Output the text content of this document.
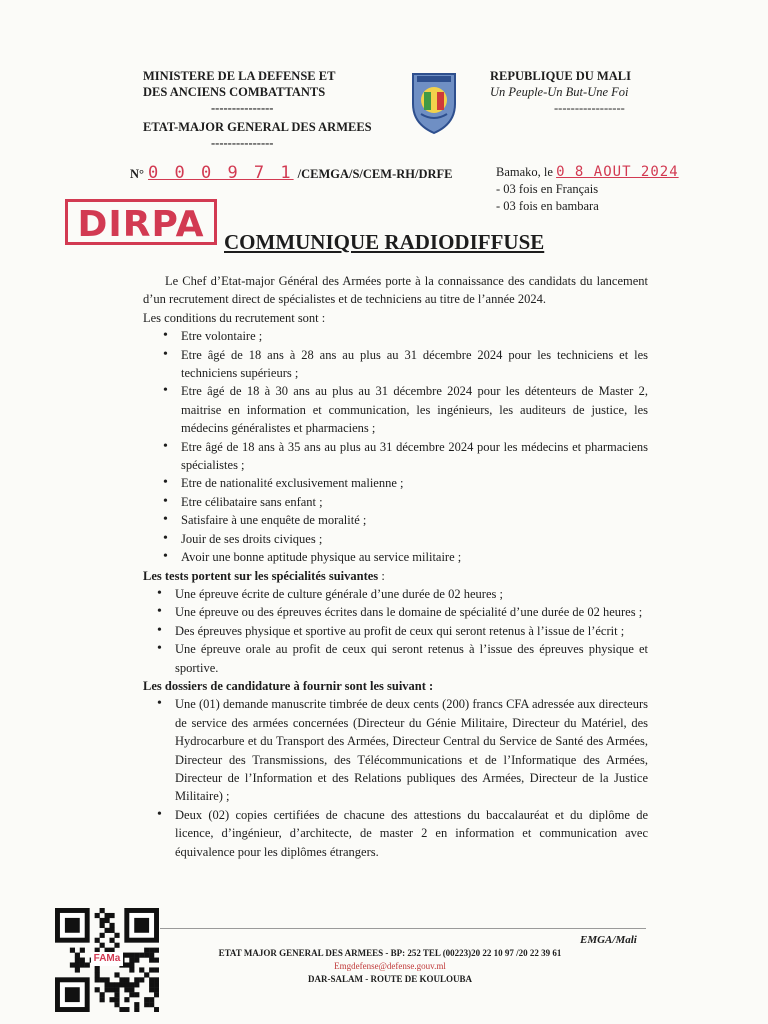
MINISTERE DE LA DEFENSE ET
DES ANCIENS COMBATTANTS
---------------
ETAT-MAJOR GENERAL DES ARMEES
---------------
REPUBLIQUE DU MALI
Un Peuple-Un But-Une Foi
-----------------
N° 0 0 0 9 7 1 /CEMGA/S/CEM-RH/DRFE	Bamako, le 0 8 AOUT 2024
- 03 fois en Français
- 03 fois en bambara
DIRPA COMMUNIQUE RADIODIFFUSE
Le Chef d’Etat-major Général des Armées porte à la connaissance des candidats du lancement d’un recrutement direct de spécialistes et de techniciens au titre de l’année 2024.
Les conditions du recrutement sont :
• Etre volontaire ;
• Etre âgé de 18 ans à 28 ans au plus au 31 décembre 2024 pour les techniciens et les techniciens supérieurs ;
• Etre âgé de 18 à 30 ans au plus au 31 décembre 2024 pour les détenteurs de Master 2, maitrise en information et communication, les ingénieurs, les auditeurs de justice, les médecins généralistes et pharmaciens ;
• Etre âgé de 18 ans à 35 ans au plus au 31 décembre 2024 pour les médecins et pharmaciens spécialistes ;
• Etre de nationalité exclusivement malienne ;
• Etre célibataire sans enfant ;
• Satisfaire à une enquête de moralité ;
• Jouir de ses droits civiques ;
• Avoir une bonne aptitude physique au service militaire ;
Les tests portent sur les spécialités suivantes :
• Une épreuve écrite de culture générale d’une durée de 02 heures ;
• Une épreuve ou des épreuves écrites dans le domaine de spécialité d’une durée de 02 heures ;
• Des épreuves physique et sportive au profit de ceux qui seront retenus à l’issue de l’écrit ;
• Une épreuve orale au profit de ceux qui seront retenus à l’issue des épreuves physique et sportive.
Les dossiers de candidature à fournir sont les suivant :
• Une (01) demande manuscrite timbrée de deux cents (200) francs CFA adressée aux directeurs de service des armées concernées (Directeur du Génie Militaire, Directeur du Matériel, des Hydrocarbure et du Transport des Armées, Directeur Central du Service de Santé des Armées, Directeur des Transmissions, des Télécommunications et de l’Informatique des Armées, Directeur de l’Information et des Relations publiques des Armées, Directeur de la Justice Militaire) ;
• Deux (02) copies certifiées de chacune des attestions du baccalauréat et du diplôme de licence, d’ingénieur, d’architecte, de master 2 en information et communication avec équivalence pour les diplômes étrangers.
EMGA/Mali
ETAT MAJOR GENERAL DES ARMEES - BP: 252 TEL (00223)20 22 10 97 /20 22 39 61
Emgdefense@defense.gouv.ml
DAR-SALAM - ROUTE DE KOULOUBA
FAMa
